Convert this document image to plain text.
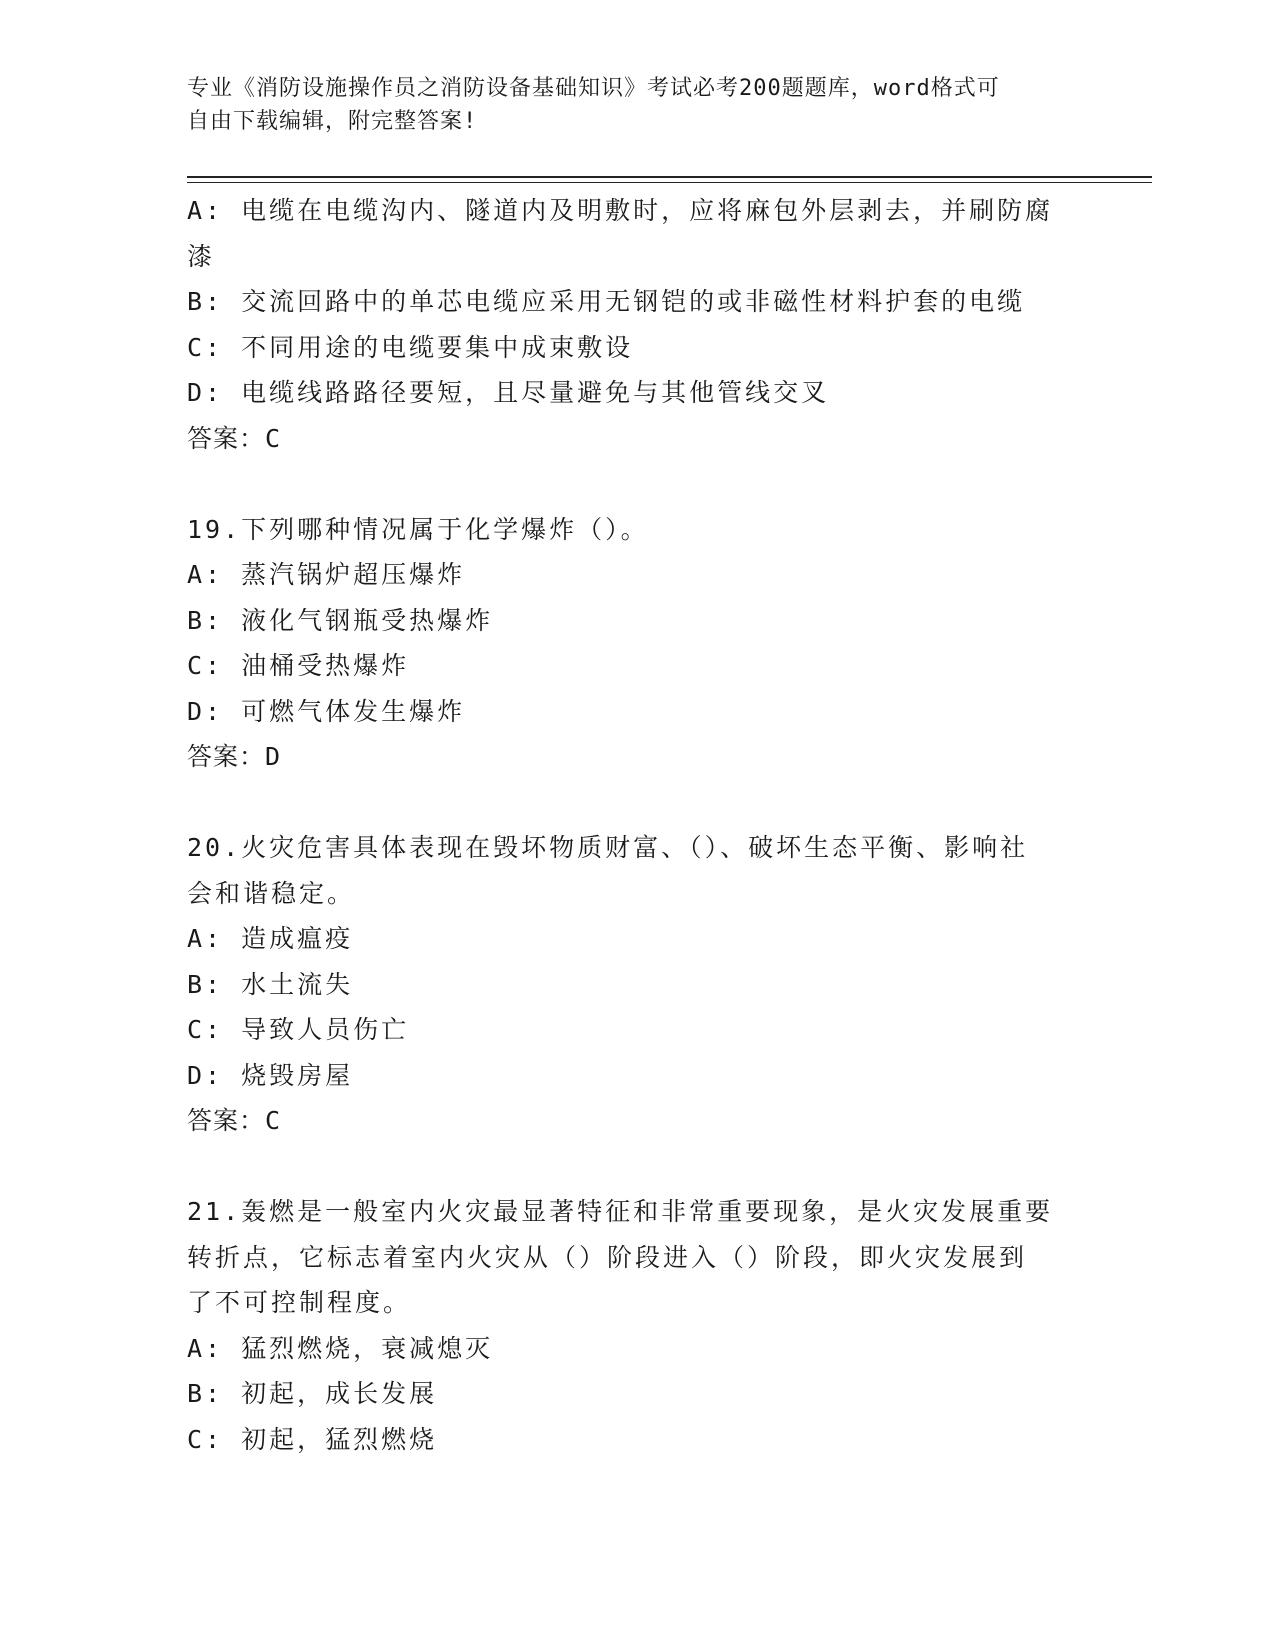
专业《消防设施操作员之消防设备基础知识》考试必考200题题库，word格式可
自由下载编辑，附完整答案!
A: 电缆在电缆沟内、隧道内及明敷时，应将麻包外层剥去，并刷防腐
漆
B: 交流回路中的单芯电缆应采用无钢铠的或非磁性材料护套的电缆
C: 不同用途的电缆要集中成束敷设
D: 电缆线路路径要短，且尽量避免与其他管线交叉
答案：C
19.下列哪种情况属于化学爆炸（）。
A: 蒸汽锅炉超压爆炸
B: 液化气钢瓶受热爆炸
C: 油桶受热爆炸
D: 可燃气体发生爆炸
答案：D
20.火灾危害具体表现在毁坏物质财富、（）、破坏生态平衡、影响社
会和谐稳定。
A: 造成瘟疫
B: 水土流失
C: 导致人员伤亡
D: 烧毁房屋
答案：C
21.轰燃是一般室内火灾最显著特征和非常重要现象，是火灾发展重要
转折点，它标志着室内火灾从（）阶段进入（）阶段，即火灾发展到
了不可控制程度。
A: 猛烈燃烧，衰减熄灭
B: 初起，成长发展
C: 初起，猛烈燃烧
